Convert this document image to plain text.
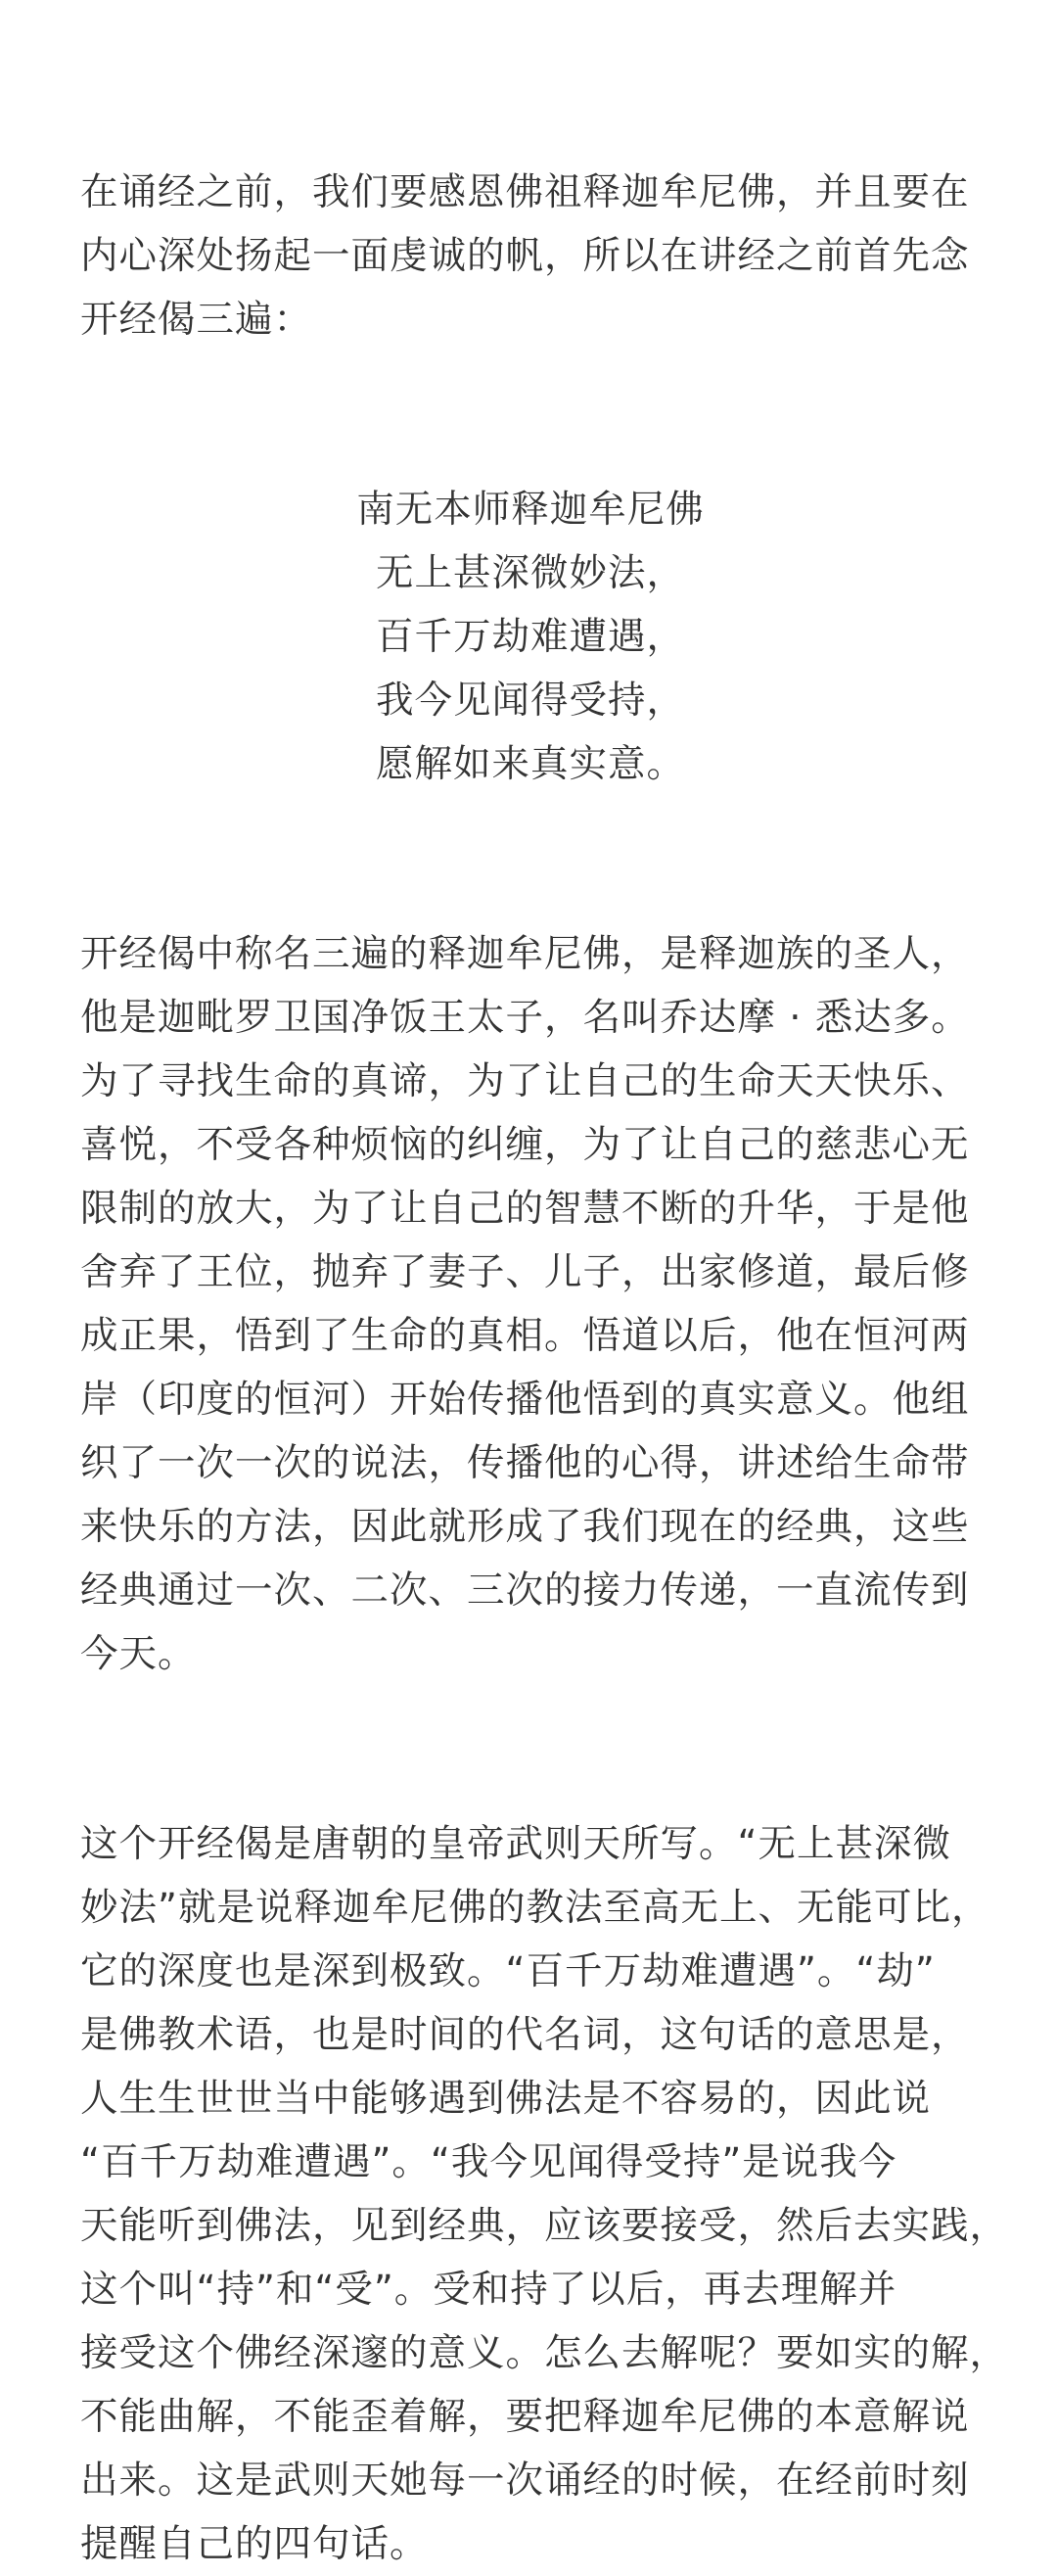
在诵经之前，我们要感恩佛祖释迦牟尼佛，并且要在
内心深处扬起一面虔诚的帆，所以在讲经之前首先念
开经偈三遍：
南无本师释迦牟尼佛
无上甚深微妙法，
百千万劫难遭遇，
我今见闻得受持，
愿解如来真实意。
开经偈中称名三遍的释迦牟尼佛，是释迦族的圣人，
他是迦毗罗卫国净饭王太子，名叫乔达摩 · 悉达多。
为了寻找生命的真谛，为了让自己的生命天天快乐、
喜悦，不受各种烦恼的纠缠，为了让自己的慈悲心无
限制的放大，为了让自己的智慧不断的升华，于是他
舍弃了王位，抛弃了妻子、儿子，出家修道，最后修
成正果，悟到了生命的真相。悟道以后，他在恒河两
岸（印度的恒河）开始传播他悟到的真实意义。他组
织了一次一次的说法，传播他的心得，讲述给生命带
来快乐的方法，因此就形成了我们现在的经典，这些
经典通过一次、二次、三次的接力传递，一直流传到
今天。
这个开经偈是唐朝的皇帝武则天所写。“无上甚深微
妙法”就是说释迦牟尼佛的教法至高无上、无能可比，
它的深度也是深到极致。“百千万劫难遭遇”。“劫”
是佛教术语，也是时间的代名词，这句话的意思是，
人生生世世当中能够遇到佛法是不容易的，因此说
“百千万劫难遭遇”。“我今见闻得受持”是说我今
天能听到佛法，见到经典，应该要接受，然后去实践，
这个叫“持”和“受”。受和持了以后，再去理解并
接受这个佛经深邃的意义。怎么去解呢？要如实的解，
不能曲解，不能歪着解，要把释迦牟尼佛的本意解说
出来。这是武则天她每一次诵经的时候，在经前时刻
提醒自己的四句话。
